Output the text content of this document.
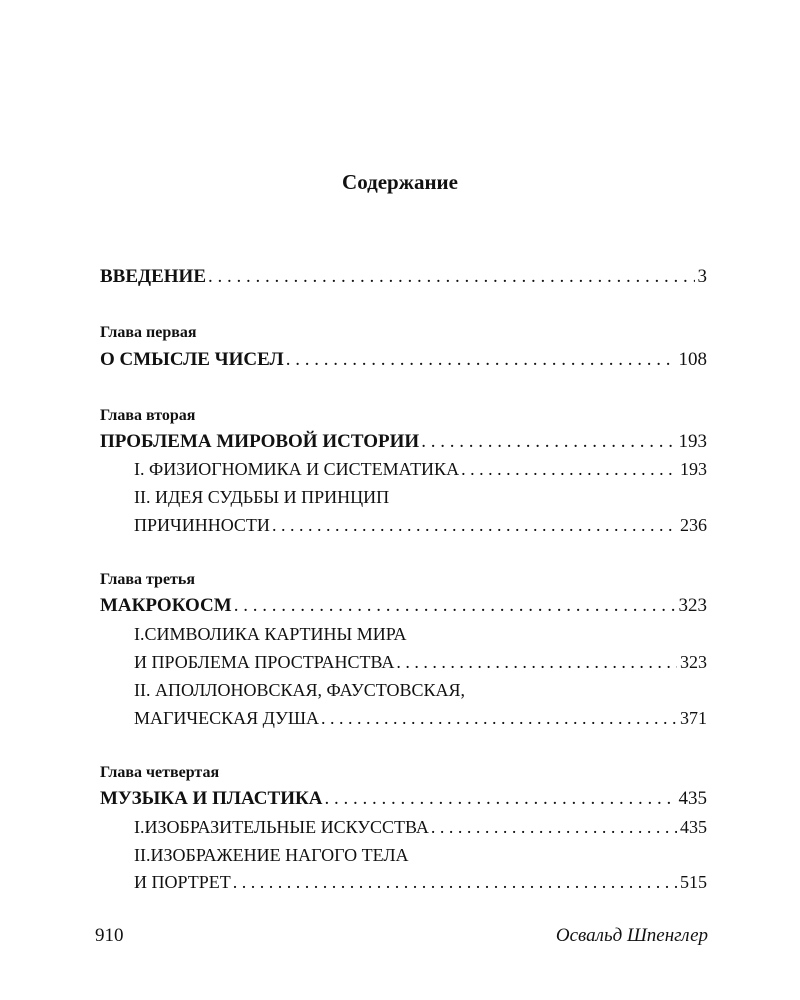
Содержание
ВВЕДЕНИЕ . . .	3
Глава первая
О СМЫСЛЕ ЧИСЕЛ . . .	108
Глава вторая
ПРОБЛЕМА МИРОВОЙ ИСТОРИИ . . .	193
I. ФИЗИОГНОМИКА И СИСТЕМАТИКА . . .	193
II. ИДЕЯ СУДЬБЫ И ПРИНЦИП
ПРИЧИННОСТИ . . .	236
Глава третья
МАКРОКОСМ . . .	323
I.СИМВОЛИКА КАРТИНЫ МИРА
И ПРОБЛЕМА ПРОСТРАНСТВА . . .	323
II. АПОЛЛОНОВСКАЯ, ФАУСТОВСКАЯ,
МАГИЧЕСКАЯ ДУША . . .	371
Глава четвертая
МУЗЫКА И ПЛАСТИКА . . .	435
I.ИЗОБРАЗИТЕЛЬНЫЕ ИСКУССТВА . . .	435
II.ИЗОБРАЖЕНИЕ НАГОГО ТЕЛА
И ПОРТРЕТ . . .	515
910	Освальд Шпенглер
